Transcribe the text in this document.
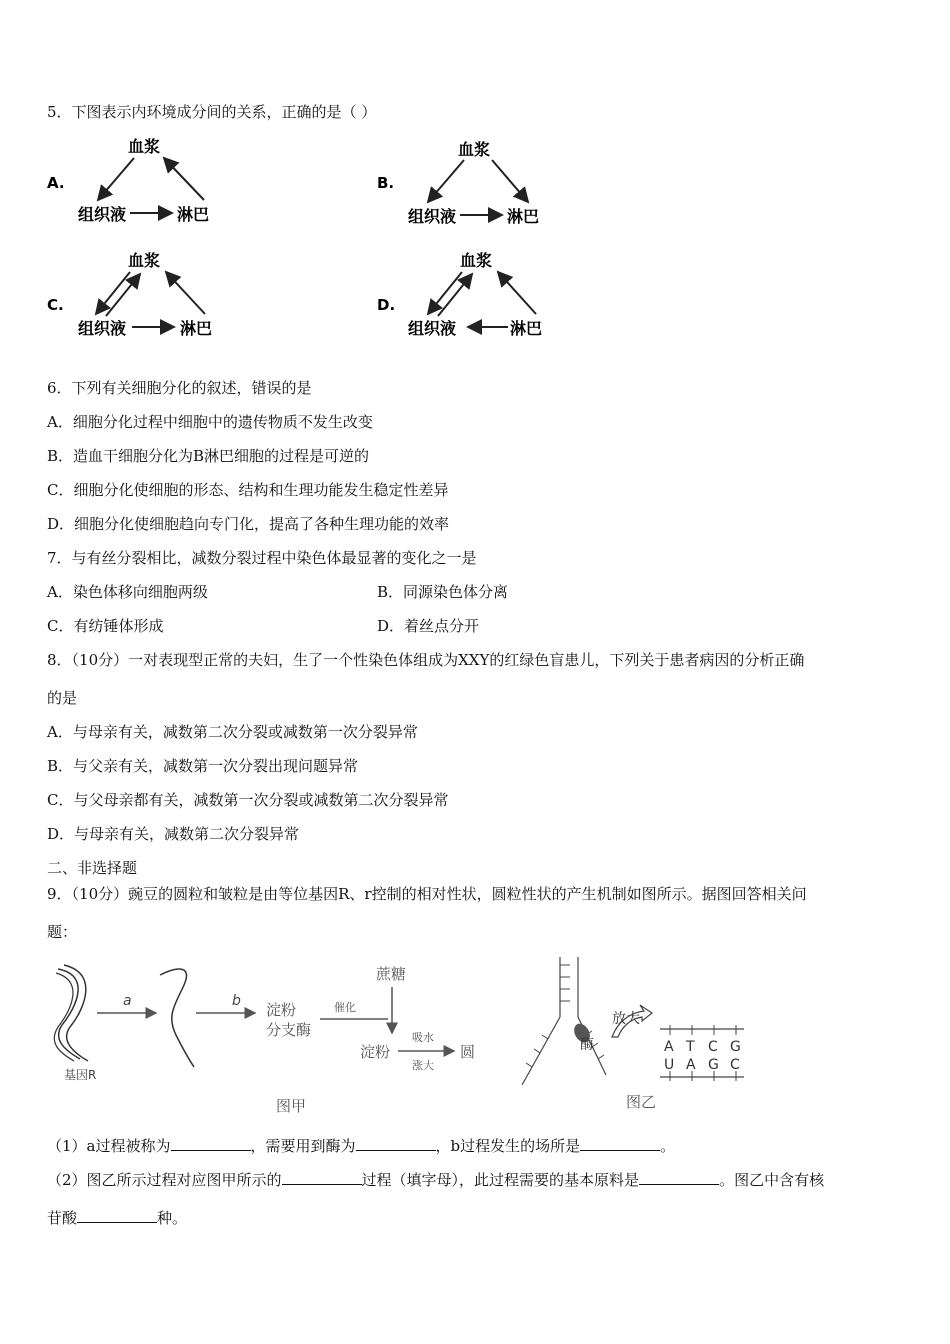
5．下图表示内环境成分间的关系，正确的是（ ）
A.
血浆
组织液	淋巴
B.
血浆
组织液	淋巴
C.
血浆
组织液	淋巴
D.
血浆
组织液	淋巴
6．下列有关细胞分化的叙述，错误的是
A．细胞分化过程中细胞中的遗传物质不发生改变
B．造血干细胞分化为B淋巴细胞的过程是可逆的
C．细胞分化使细胞的形态、结构和生理功能发生稳定性差异
D．细胞分化使细胞趋向专门化，提高了各种生理功能的效率
7．与有丝分裂相比，减数分裂过程中染色体最显著的变化之一是
A．染色体移向细胞两级	B．同源染色体分离
C．有纺锤体形成	D．着丝点分开
8．（10分）一对表现型正常的夫妇，生了一个性染色体组成为XXY的红绿色盲患儿，下列关于患者病因的分析正确
的是
A．与母亲有关，减数第二次分裂或减数第一次分裂异常
B．与父亲有关，减数第一次分裂出现问题异常
C．与父母亲都有关，减数第一次分裂或减数第二次分裂异常
D．与母亲有关，减数第二次分裂异常
二、非选择题
9．（10分）豌豆的圆粒和皱粒是由等位基因R、r控制的相对性状，圆粒性状的产生机制如图所示。据图回答相关问
题：
基因R
a	b 淀粉
分支酶
蔗糖
催化
淀粉
吸水
涨大
圆
图甲
酶
放大
A T C G
U A G C
图乙
（1）a过程被称为	，需要用到酶为	，b过程发生的场所是	。
（2）图乙所示过程对应图甲所示的	过程（填字母），此过程需要的基本原料是	。图乙中含有核
苷酸	种。
